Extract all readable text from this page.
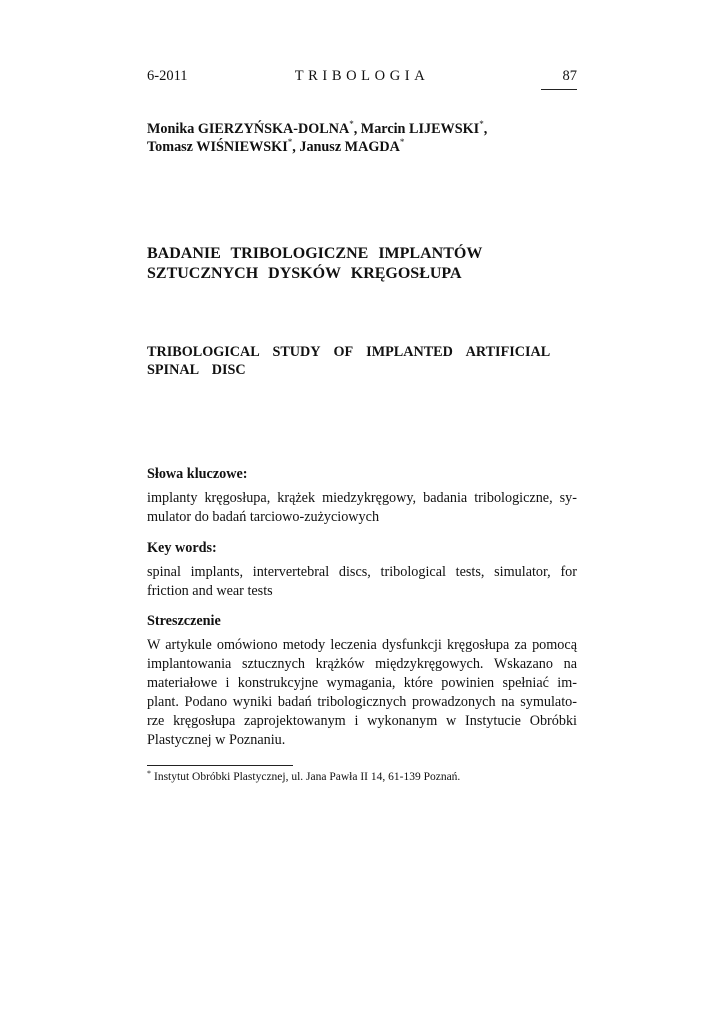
6-2011	TRIBOLOGIA	87
Monika GIERZYŃSKA-DOLNA*, Marcin LIJEWSKI*,
Tomasz WIŚNIEWSKI*, Janusz MAGDA*
BADANIE  TRIBOLOGICZNE  IMPLANTÓW
SZTUCZNYCH  DYSKÓW  KRĘGOSŁUPA
TRIBOLOGICAL  STUDY  OF  IMPLANTED  ARTIFICIAL
SPINAL  DISC
Słowa kluczowe:
implanty kręgosłupa, krążek miedzykręgowy, badania tribologiczne, sy-
mulator do badań tarciowo-zużyciowych
Key words:
spinal implants, intervertebral discs, tribological tests, simulator, for
friction and wear tests
Streszczenie
W artykule omówiono metody leczenia dysfunkcji kręgosłupa za pomocą
implantowania sztucznych krążków międzykręgowych. Wskazano na
materiałowe i konstrukcyjne wymagania, które powinien spełniać im-
plant. Podano wyniki badań tribologicznych prowadzonych na symulato-
rze kręgosłupa zaprojektowanym i wykonanym w Instytucie Obróbki
Plastycznej w Poznaniu.
* Instytut Obróbki Plastycznej, ul. Jana Pawła II 14, 61-139 Poznań.
